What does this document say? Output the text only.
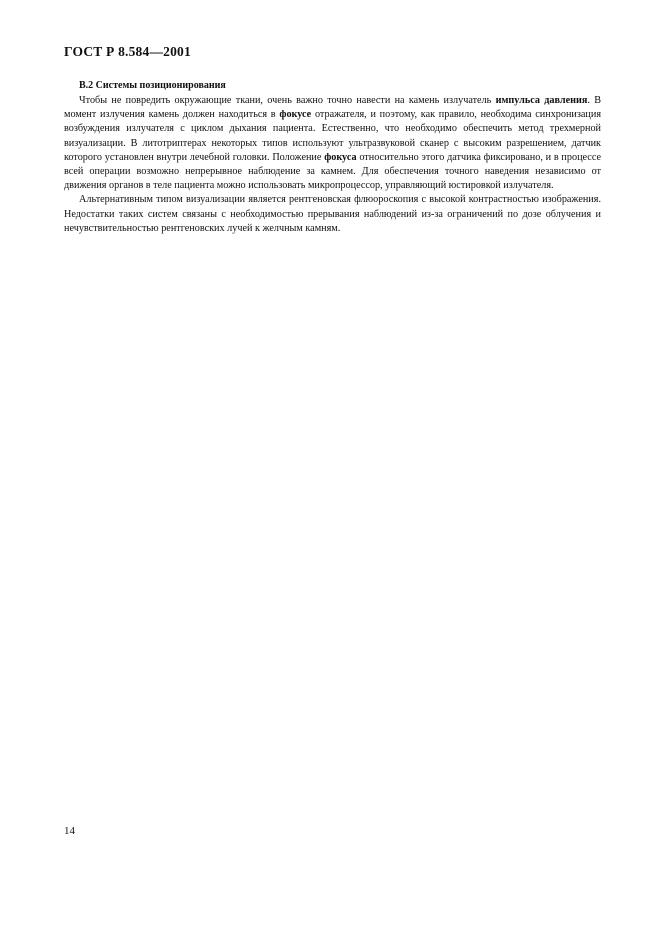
ГОСТ Р 8.584—2001
В.2 Системы позиционирования

Чтобы не повредить окружающие ткани, очень важно точно навести на камень излучатель импульса давления. В момент излучения камень должен находиться в фокусе отражателя, и поэтому, как правило, необходима синхронизация возбуждения излучателя с циклом дыхания пациента. Естественно, что необходимо обеспечить метод трехмерной визуализации. В литотриптерах некоторых типов используют ультразвуковой сканер с высоким разрешением, датчик которого установлен внутри лечебной головки. Положение фокуса относительно этого датчика фиксировано, и в процессе всей операции возможно непрерывное наблюдение за камнем. Для обеспечения точного наведения независимо от движения органов в теле пациента можно использовать микропроцессор, управляющий юстировкой излучателя.

Альтернативным типом визуализации является рентгеновская флюороскопия с высокой контрастностью изображения. Недостатки таких систем связаны с необходимостью прерывания наблюдений из-за ограничений по дозе облучения и нечувствительностью рентгеновских лучей к желчным камням.

14
